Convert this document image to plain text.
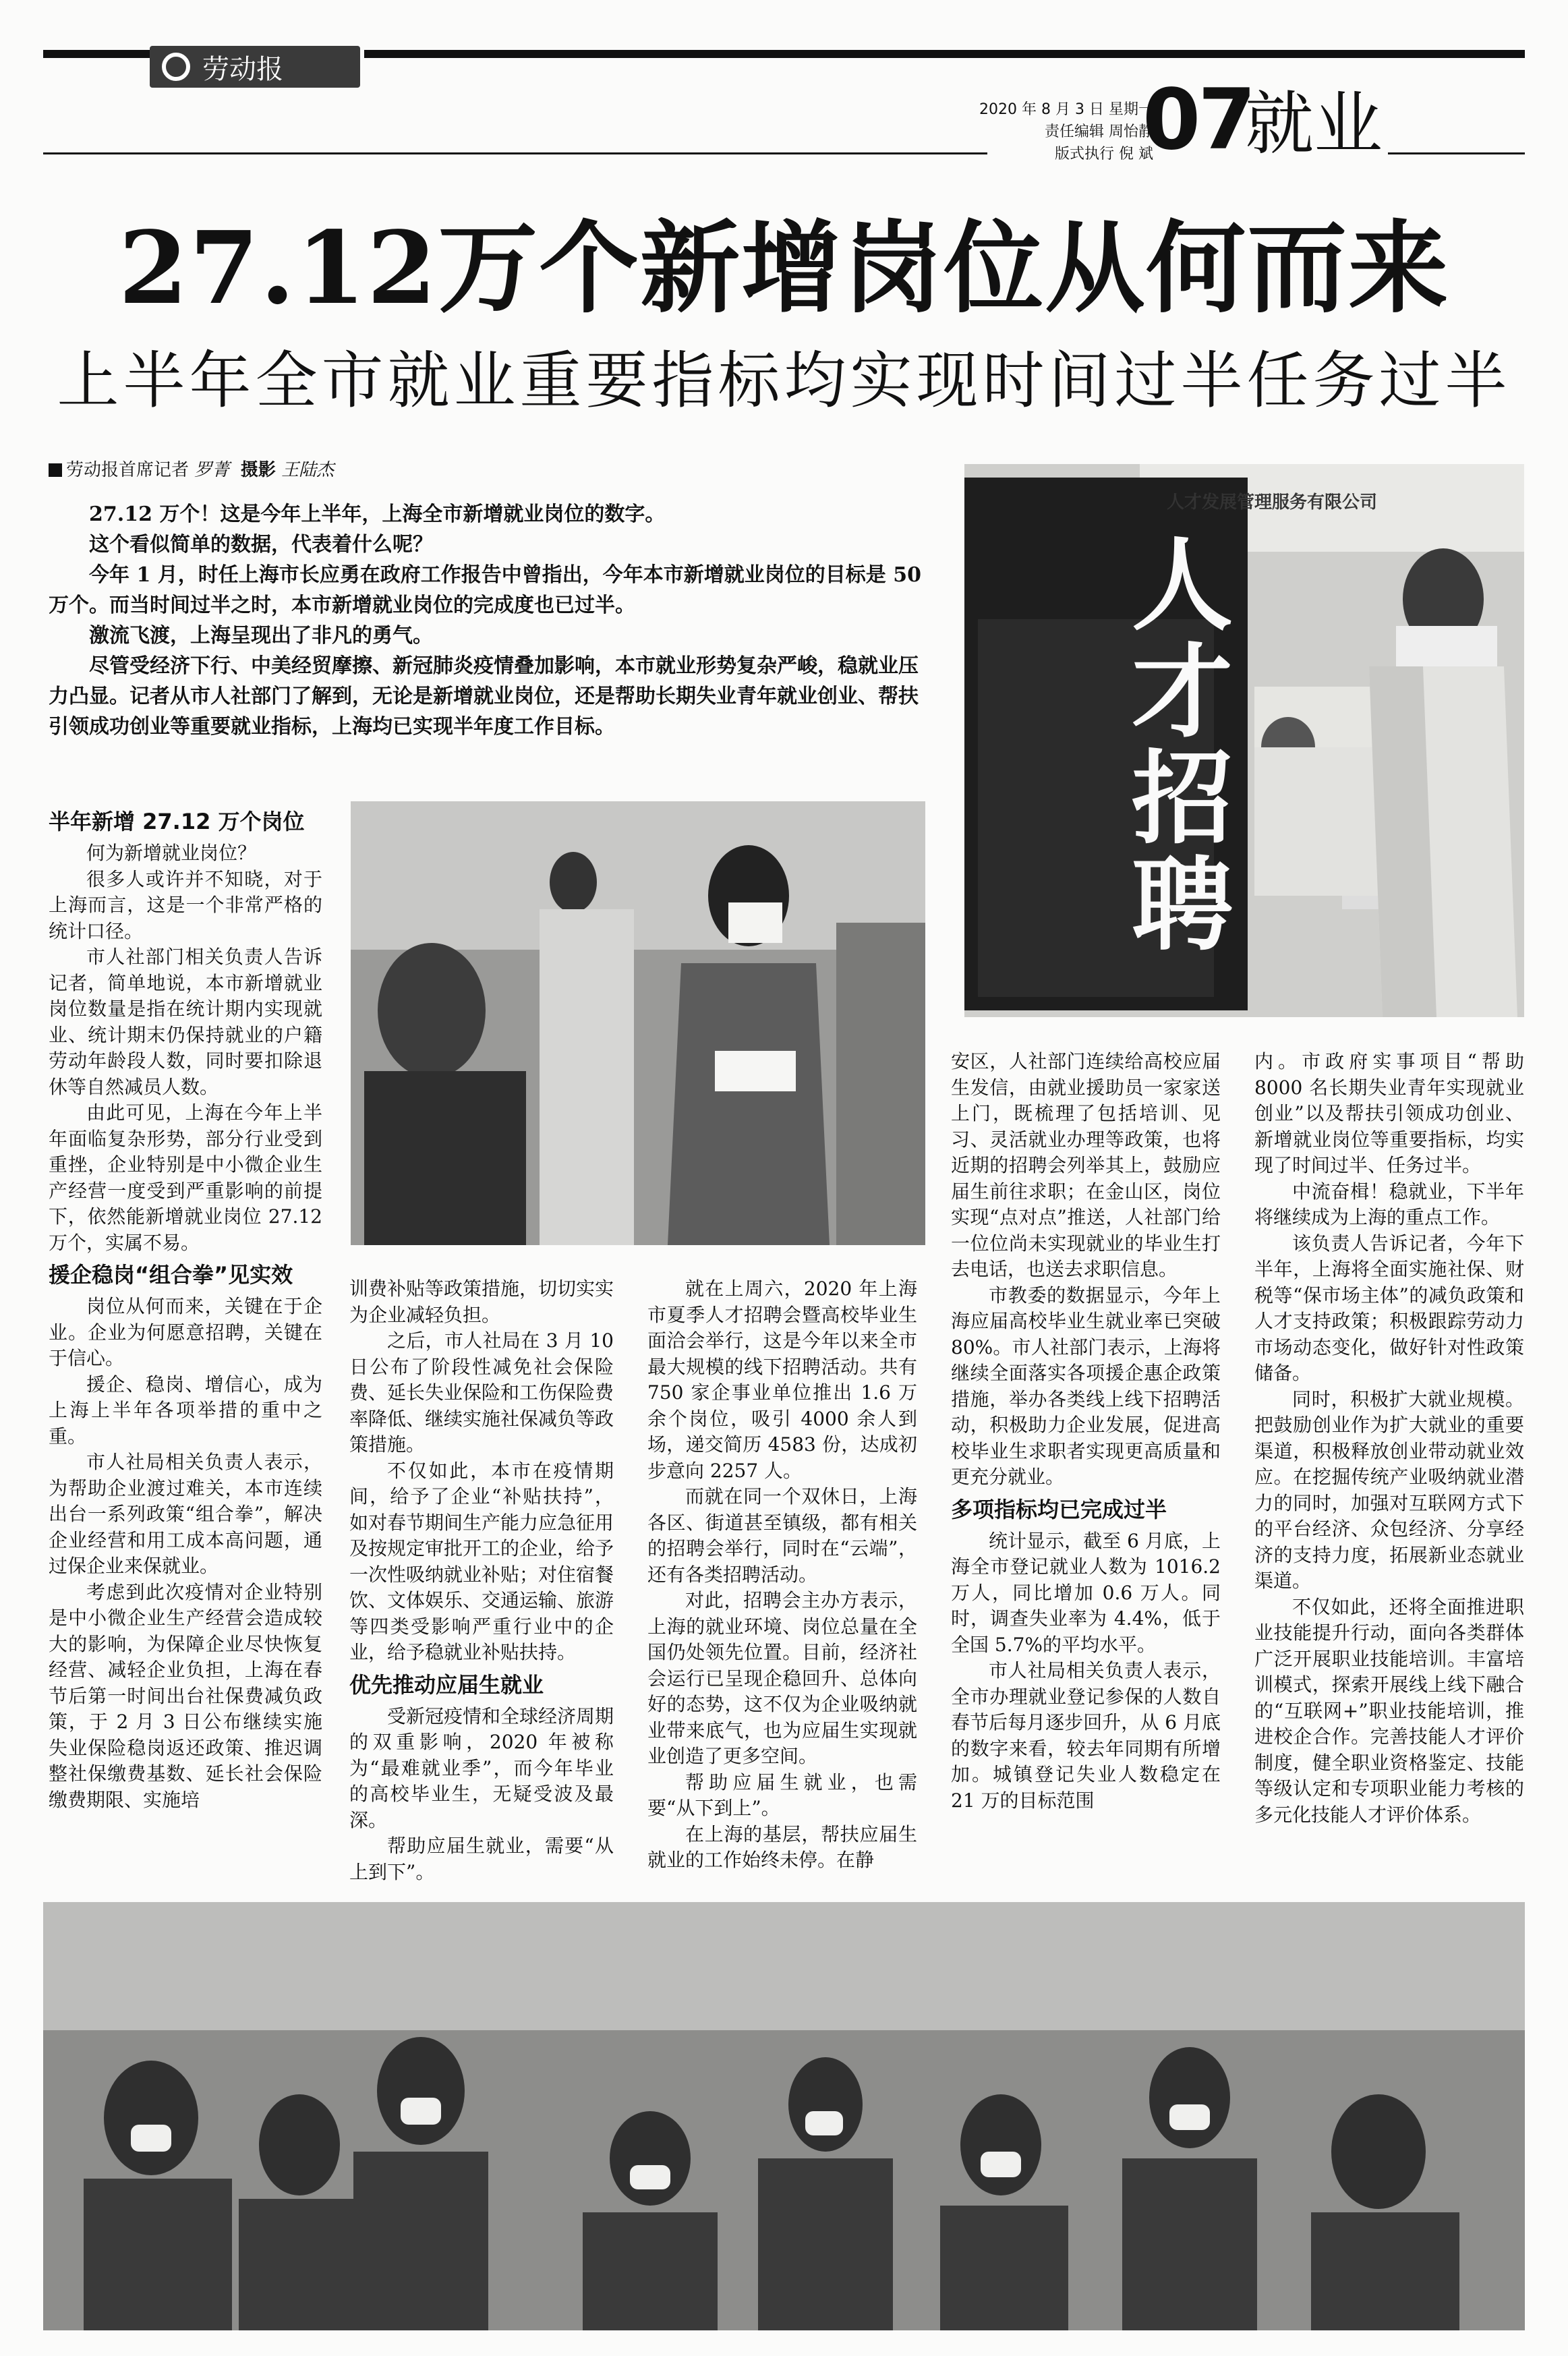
劳动报
2020 年 8 月 3 日 星期一
责任编辑 周怡静
版式执行 倪 斌
07
就业
27.12万个新增岗位从何而来
上半年全市就业重要指标均实现时间过半任务过半
劳动报首席记者 罗菁 摄影 王陆杰

27.12 万个！这是今年上半年，上海全市新增就业岗位的数字。

这个看似简单的数据，代表着什么呢？

今年 1 月，时任上海市长应勇在政府工作报告中曾指出，今年本市新增就业岗位的目标是 50 万个。而当时间过半之时，本市新增就业岗位的完成度也已过半。

激流飞渡，上海呈现出了非凡的勇气。

尽管受经济下行、中美经贸摩擦、新冠肺炎疫情叠加影响，本市就业形势复杂严峻，稳就业压力凸显。记者从市人社部门了解到，无论是新增就业岗位，还是帮助长期失业青年就业创业、帮扶引领成功创业等重要就业指标，上海均已实现半年度工作目标。

人才发展管理服务有限公司
人才招聘
半年新增 27.12 万个岗位

何为新增就业岗位？

很多人或许并不知晓，对于上海而言，这是一个非常严格的统计口径。

市人社部门相关负责人告诉记者，简单地说，本市新增就业岗位数量是指在统计期内实现就业、统计期末仍保持就业的户籍劳动年龄段人数，同时要扣除退休等自然减员人数。

由此可见，上海在今年上半年面临复杂形势，部分行业受到重挫，企业特别是中小微企业生产经营一度受到严重影响的前提下，依然能新增就业岗位 27.12 万个，实属不易。

援企稳岗“组合拳”见实效

岗位从何而来，关键在于企业。企业为何愿意招聘，关键在于信心。

援企、稳岗、增信心，成为上海上半年各项举措的重中之重。

市人社局相关负责人表示，为帮助企业渡过难关，本市连续出台一系列政策“组合拳”，解决企业经营和用工成本高问题，通过保企业来保就业。

考虑到此次疫情对企业特别是中小微企业生产经营会造成较大的影响，为保障企业尽快恢复经营、减轻企业负担，上海在春节后第一时间出台社保费减负政策，于 2 月 3 日公布继续实施失业保险稳岗返还政策、推迟调整社保缴费基数、延长社会保险缴费期限、实施培

训费补贴等政策措施，切切实实为企业减轻负担。

之后，市人社局在 3 月 10 日公布了阶段性减免社会保险费、延长失业保险和工伤保险费率降低、继续实施社保减负等政策措施。

不仅如此，本市在疫情期间，给予了企业“补贴扶持”，如对春节期间生产能力应急征用及按规定审批开工的企业，给予一次性吸纳就业补贴；对住宿餐饮、文体娱乐、交通运输、旅游等四类受影响严重行业中的企业，给予稳就业补贴扶持。

优先推动应届生就业

受新冠疫情和全球经济周期的双重影响，2020 年被称为“最难就业季”，而今年毕业的高校毕业生，无疑受波及最深。

帮助应届生就业，需要“从上到下”。

就在上周六，2020 年上海市夏季人才招聘会暨高校毕业生面洽会举行，这是今年以来全市最大规模的线下招聘活动。共有 750 家企事业单位推出 1.6 万余个岗位，吸引 4000 余人到场，递交简历 4583 份，达成初步意向 2257 人。

而就在同一个双休日，上海各区、街道甚至镇级，都有相关的招聘会举行，同时在“云端”，还有各类招聘活动。

对此，招聘会主办方表示，上海的就业环境、岗位总量在全国仍处领先位置。目前，经济社会运行已呈现企稳回升、总体向好的态势，这不仅为企业吸纳就业带来底气，也为应届生实现就业创造了更多空间。

帮助应届生就业，也需要“从下到上”。

在上海的基层，帮扶应届生就业的工作始终未停。在静

安区，人社部门连续给高校应届生发信，由就业援助员一家家送上门，既梳理了包括培训、见习、灵活就业办理等政策，也将近期的招聘会列举其上，鼓励应届生前往求职；在金山区，岗位实现“点对点”推送，人社部门给一位位尚未实现就业的毕业生打去电话，也送去求职信息。

市教委的数据显示，今年上海应届高校毕业生就业率已突破 80%。市人社部门表示，上海将继续全面落实各项援企惠企政策措施，举办各类线上线下招聘活动，积极助力企业发展，促进高校毕业生求职者实现更高质量和更充分就业。

多项指标均已完成过半

统计显示，截至 6 月底，上海全市登记就业人数为 1016.2 万人，同比增加 0.6 万人。同时，调查失业率为 4.4%，低于全国 5.7%的平均水平。

市人社局相关负责人表示，全市办理就业登记参保的人数自春节后每月逐步回升，从 6 月底的数字来看，较去年同期有所增加。城镇登记失业人数稳定在 21 万的目标范围

内。市政府实事项目“帮助 8000 名长期失业青年实现就业创业”以及帮扶引领成功创业、新增就业岗位等重要指标，均实现了时间过半、任务过半。

中流奋楫！稳就业，下半年将继续成为上海的重点工作。

该负责人告诉记者，今年下半年，上海将全面实施社保、财税等“保市场主体”的减负政策和人才支持政策；积极跟踪劳动力市场动态变化，做好针对性政策储备。

同时，积极扩大就业规模。把鼓励创业作为扩大就业的重要渠道，积极释放创业带动就业效应。在挖掘传统产业吸纳就业潜力的同时，加强对互联网方式下的平台经济、众包经济、分享经济的支持力度，拓展新业态就业渠道。

不仅如此，还将全面推进职业技能提升行动，面向各类群体广泛开展职业技能培训。丰富培训模式，探索开展线上线下融合的“互联网+”职业技能培训，推进校企合作。完善技能人才评价制度，健全职业资格鉴定、技能等级认定和专项职业能力考核的多元化技能人才评价体系。
